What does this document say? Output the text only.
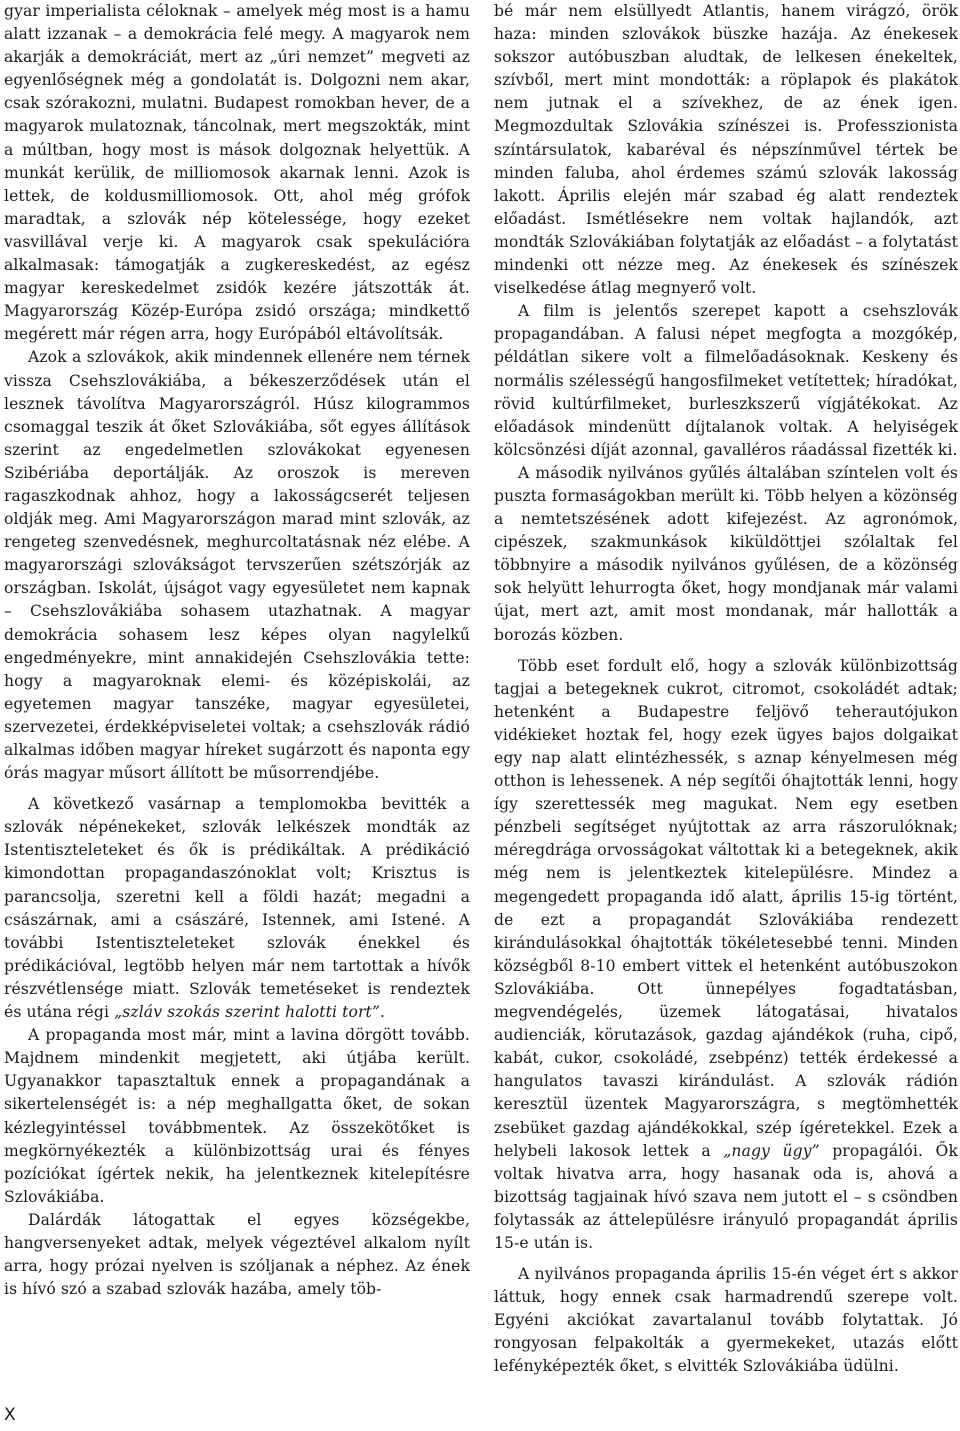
gyar imperialista céloknak – amelyek még most is a hamu alatt izzanak – a demokrácia felé megy. A magyarok nem akarják a demokráciát, mert az „úri nemzet” megveti az egyenlőségnek még a gondolatát is. Dolgozni nem akar, csak szórakozni, mulatni. Budapest romokban hever, de a magyarok mulatoznak, táncolnak, mert megszokták, mint a múltban, hogy most is mások dolgoznak helyettük. A munkát kerülik, de milliomosok akarnak lenni. Azok is lettek, de koldusmilliomosok. Ott, ahol még grófok maradtak, a szlovák nép kötelessége, hogy ezeket vasvillával verje ki. A magyarok csak spekulációra alkalmasak: támogatják a zugkereskedést, az egész magyar kereskedelmet zsidók kezére játszották át. Magyarország Közép-Európa zsidó országa; mindkettő megérett már régen arra, hogy Európából eltávolítsák.

Azok a szlovákok, akik mindennek ellenére nem térnek vissza Csehszlovákiába, a békeszerződések után el lesznek távolítva Magyarországról. Húsz kilogrammos csomaggal teszik át őket Szlovákiába, sőt egyes állítások szerint az engedelmetlen szlovákokat egyenesen Szibériába deportálják. Az oroszok is mereven ragaszkodnak ahhoz, hogy a lakosságcserét teljesen oldják meg. Ami Magyarországon marad mint szlovák, az rengeteg szenvedésnek, meghurcoltatásnak néz elébe. A magyarországi szlovákságot tervszerűen szétszórják az országban. Iskolát, újságot vagy egyesületet nem kapnak – Csehszlovákiába sohasem utazhatnak. A magyar demokrácia sohasem lesz képes olyan nagylelkű engedményekre, mint annakidején Csehszlovákia tette: hogy a magyaroknak elemi- és középiskolái, az egyetemen magyar tanszéke, magyar egyesületei, szervezetei, érdekképviseletei voltak; a csehszlovák rádió alkalmas időben magyar híreket sugárzott és naponta egy órás magyar műsort állított be műsorrendjébe.

A következő vasárnap a templomokba bevitték a szlovák népénekeket, szlovák lelkészek mondták az Istentiszteleteket és ők is prédikáltak. A prédikáció kimondottan propagandaszónoklat volt; Krisztus is parancsolja, szeretni kell a földi hazát; megadni a császárnak, ami a császáré, Istennek, ami Istené. A további Istentiszteleteket szlovák énekkel és prédikációval, legtöbb helyen már nem tartottak a hívők részvétlensége miatt. Szlovák temetéseket is rendeztek és utána régi „szláv szokás szerint halotti tort”.

A propaganda most már, mint a lavina dörgött tovább. Majdnem mindenkit megjetett, aki útjába került. Ugyanakkor tapasztaltuk ennek a propagandának a sikertelenségét is: a nép meghallgatta őket, de sokan kézlegyintéssel továbbmentek. Az összekötőket is megkörnyékezték a különbizottság urai és fényes pozíciókat ígértek nekik, ha jelentkeznek kitelepítésre Szlovákiába.

Dalárdák látogattak el egyes községekbe, hangversenyeket adtak, melyek végeztével alkalom nyílt arra, hogy prózai nyelven is szóljanak a néphez. Az ének is hívó szó a szabad szlovák hazába, amely töb-

bé már nem elsüllyedt Atlantis, hanem virágzó, örök haza: minden szlovákok büszke hazája. Az énekesek sokszor autóbuszban aludtak, de lelkesen énekeltek, szívből, mert mint mondották: a röplapok és plakátok nem jutnak el a szívekhez, de az ének igen. Megmozdultak Szlovákia színészei is. Professzionista színtársulatok, kabaréval és népszínművel tértek be minden faluba, ahol érdemes számú szlovák lakosság lakott. Április elején már szabad ég alatt rendeztek előadást. Ismétlésekre nem voltak hajlandók, azt mondták Szlovákiában folytatják az előadást – a folytatást mindenki ott nézze meg. Az énekesek és színészek viselkedése átlag megnyerő volt.

A film is jelentős szerepet kapott a csehszlovák propagandában. A falusi népet megfogta a mozgókép, példátlan sikere volt a filmelőadásoknak. Keskeny és normális szélességű hangosfilmeket vetítettek; híradókat, rövid kultúrfilmeket, burleszkszerű vígjátékokat. Az előadások mindenütt díjtalanok voltak. A helyiségek kölcsönzési díját azonnal, gavalléros ráadással fizették ki.

A második nyilvános gyűlés általában színtelen volt és puszta formaságokban merült ki. Több helyen a közönség a nemtetszésének adott kifejezést. Az agronómok, cipészek, szakmunkások kiküldöttjei szólaltak fel többnyire a második nyilvános gyűlésen, de a közönség sok helyütt lehurrogta őket, hogy mondjanak már valami újat, mert azt, amit most mondanak, már hallották a borozás közben.

Több eset fordult elő, hogy a szlovák különbizottság tagjai a betegeknek cukrot, citromot, csokoládét adtak; hetenként a Budapestre feljövő teherautójukon vidékieket hoztak fel, hogy ezek ügyes bajos dolgaikat egy nap alatt elintézhessék, s aznap kényelmesen még otthon is lehessenek. A nép segítői óhajtották lenni, hogy így szerettessék meg magukat. Nem egy esetben pénzbeli segítséget nyújtottak az arra rászorulóknak; méregdrága orvosságokat váltottak ki a betegeknek, akik még nem is jelentkeztek kitelepülésre. Mindez a megengedett propaganda idő alatt, április 15-ig történt, de ezt a propagandát Szlovákiába rendezett kirándulásokkal óhajtották tökéletesebbé tenni. Minden községből 8-10 embert vittek el hetenként autóbuszokon Szlovákiába. Ott ünnepélyes fogadtatásban, megvendégelés, üzemek látogatásai, hivatalos audienciák, körutazások, gazdag ajándékok (ruha, cipő, kabát, cukor, csokoládé, zsebpénz) tették érdekessé a hangulatos tavaszi kirándulást. A szlovák rádión keresztül üzentek Magyarországra, s megtömhették zsebüket gazdag ajándékokkal, szép ígéretekkel. Ezek a helybeli lakosok lettek a „nagy ügy” propagálói. Ők voltak hivatva arra, hogy hasanak oda is, ahová a bizottság tagjainak hívó szava nem jutott el – s csöndben folytassák az áttelepülésre irányuló propagandát április 15-e után is.

A nyilvános propaganda április 15-én véget ért s akkor láttuk, hogy ennek csak harmadrendű szerepe volt. Egyéni akciókat zavartalanul tovább folytattak. Jó rongyosan felpakolták a gyermekeket, utazás előtt lefényképezték őket, s elvitték Szlovákiába üdülni.

X
